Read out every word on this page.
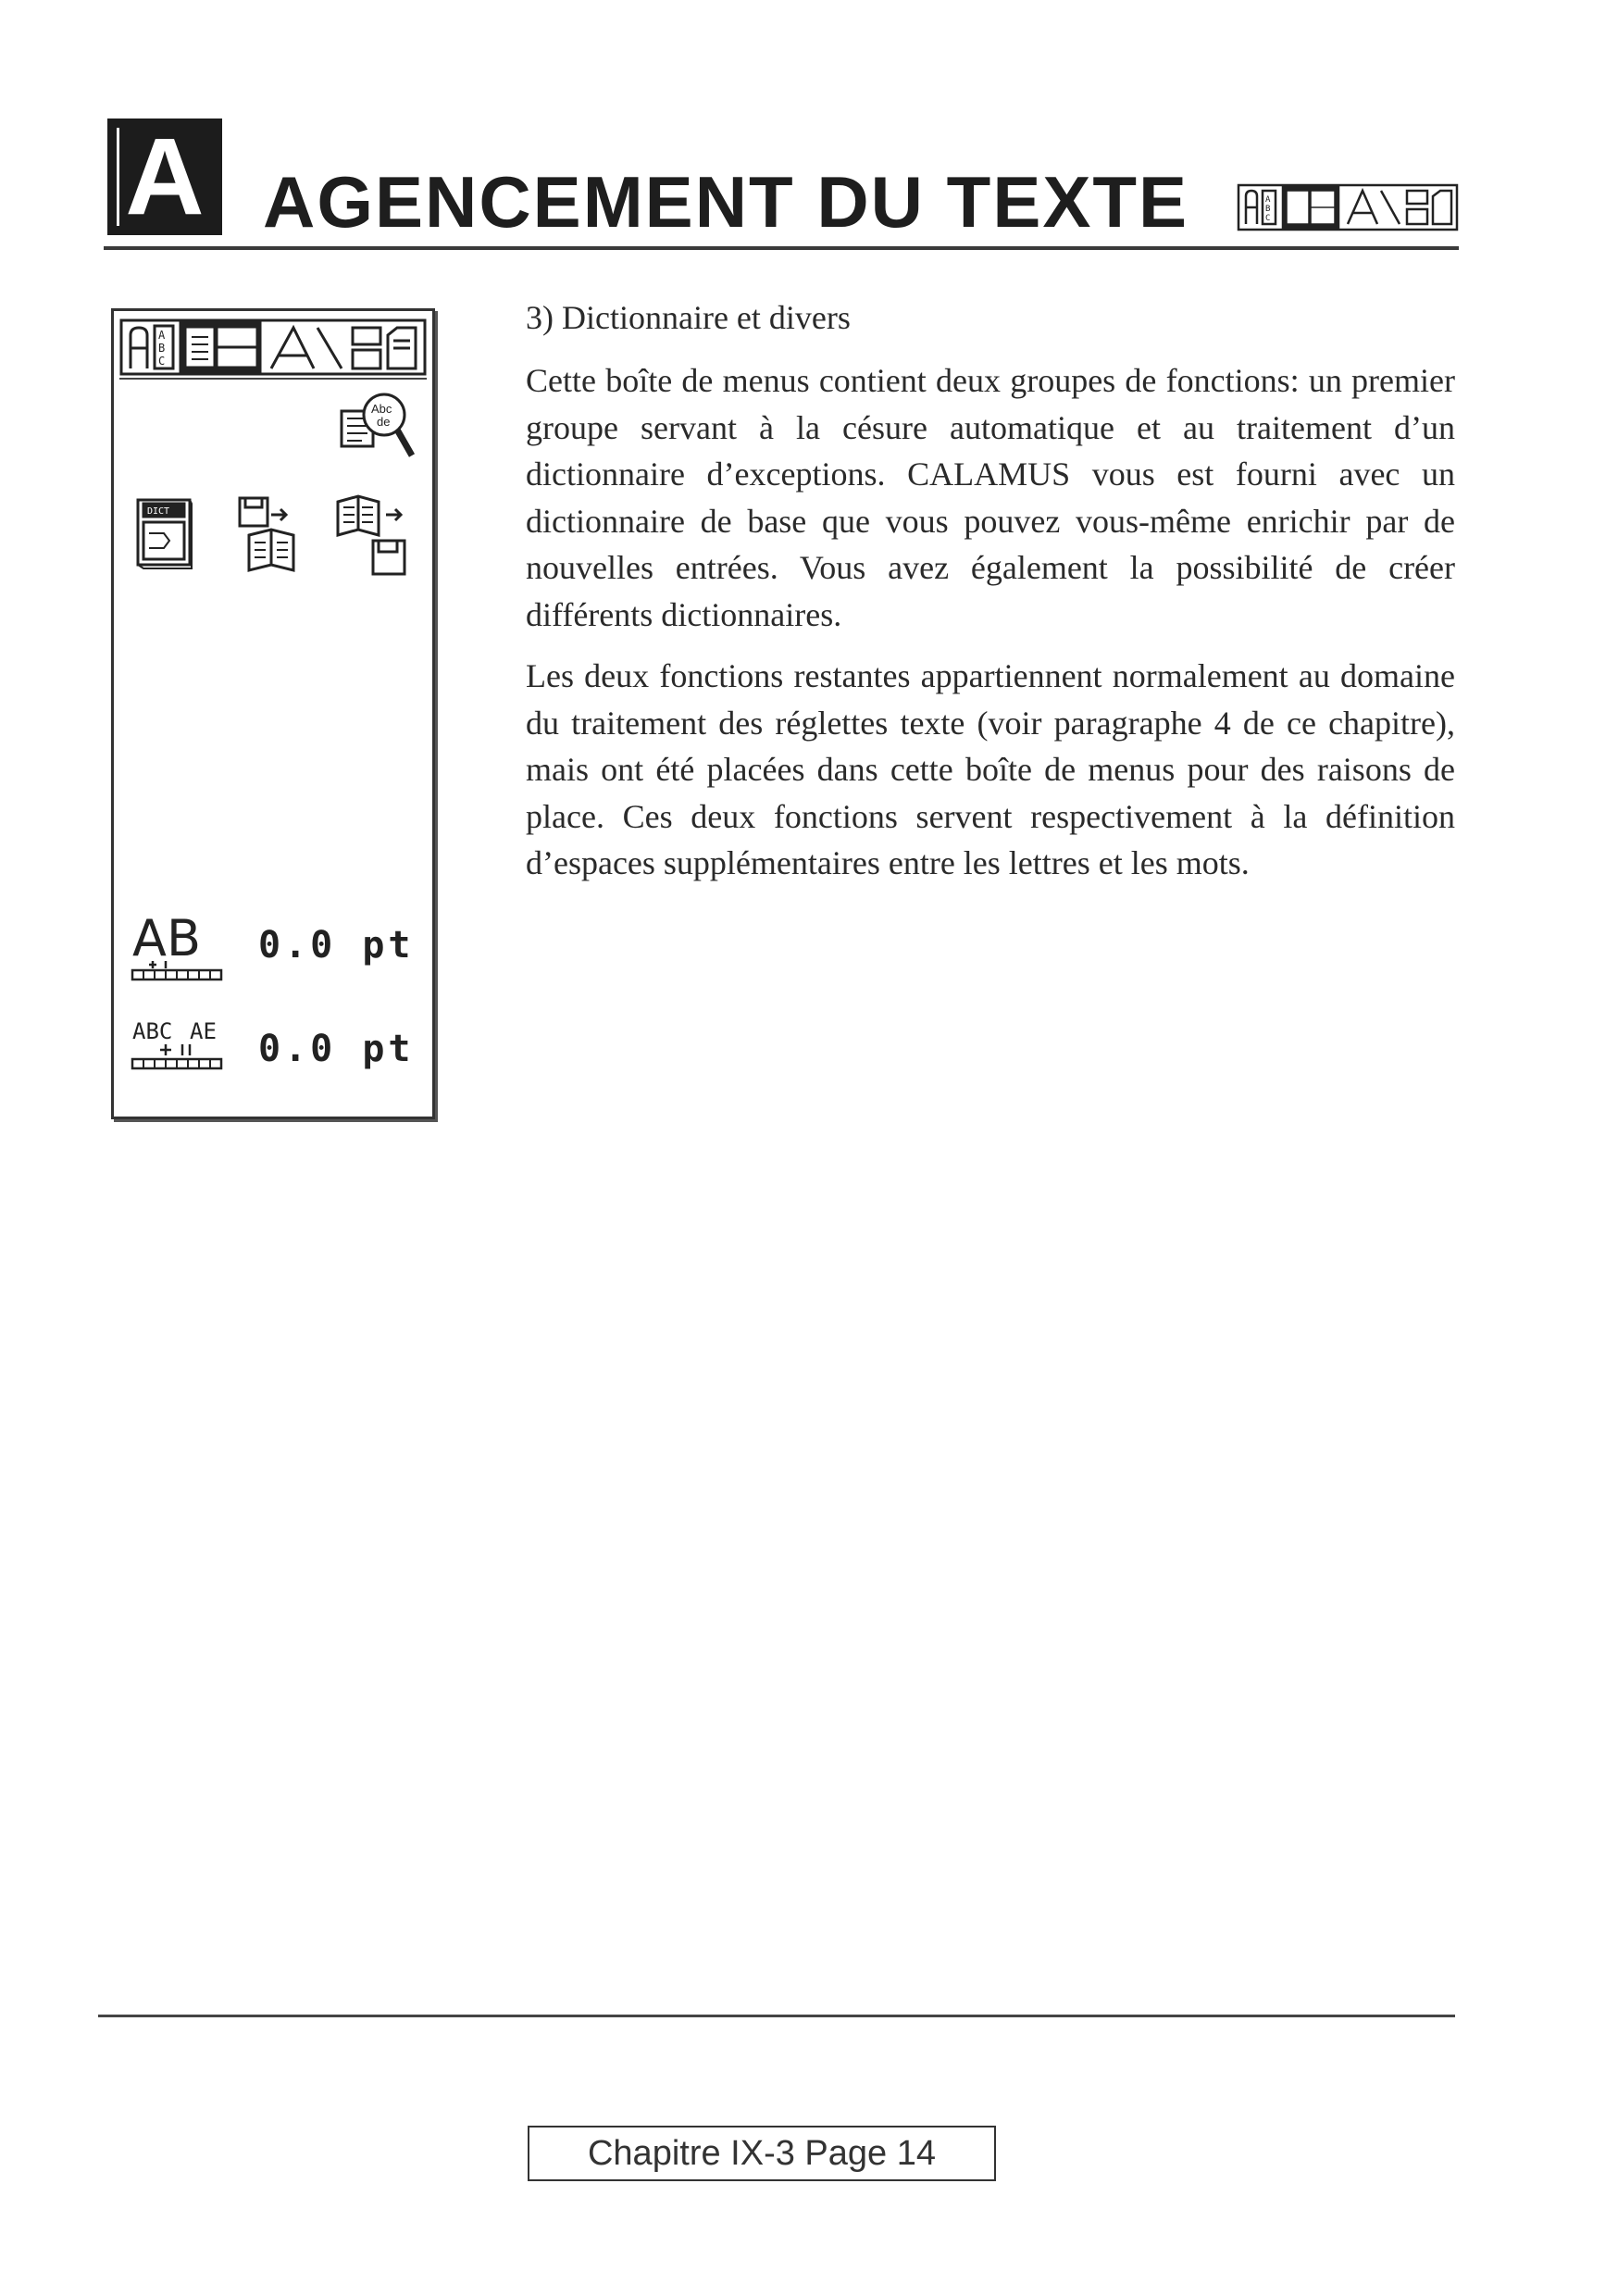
A AGENCEMENT DU TEXTE	A
B
C
A
B
C
Abc
de
DICT
AB 0.0 pt
ABC AE 0.0 pt
3) Dictionnaire et divers

Cette boîte de menus contient deux groupes de fonctions: un premier groupe servant à la césure automatique et au traitement d’un dictionnaire d’exceptions. CALAMUS vous est fourni avec un dictionnaire de base que vous pouvez vous-même enrichir par de nouvelles entrées. Vous avez également la possibilité de créer différents dictionnaires.

Les deux fonctions restantes appartiennent normalement au domaine du traitement des réglettes texte (voir paragraphe 4 de ce chapitre), mais ont été placées dans cette boîte de menus pour des raisons de place. Ces deux fonctions servent respectivement à la définition d’espaces supplémentaires entre les lettres et les mots.

Chapitre IX-3 Page 14
